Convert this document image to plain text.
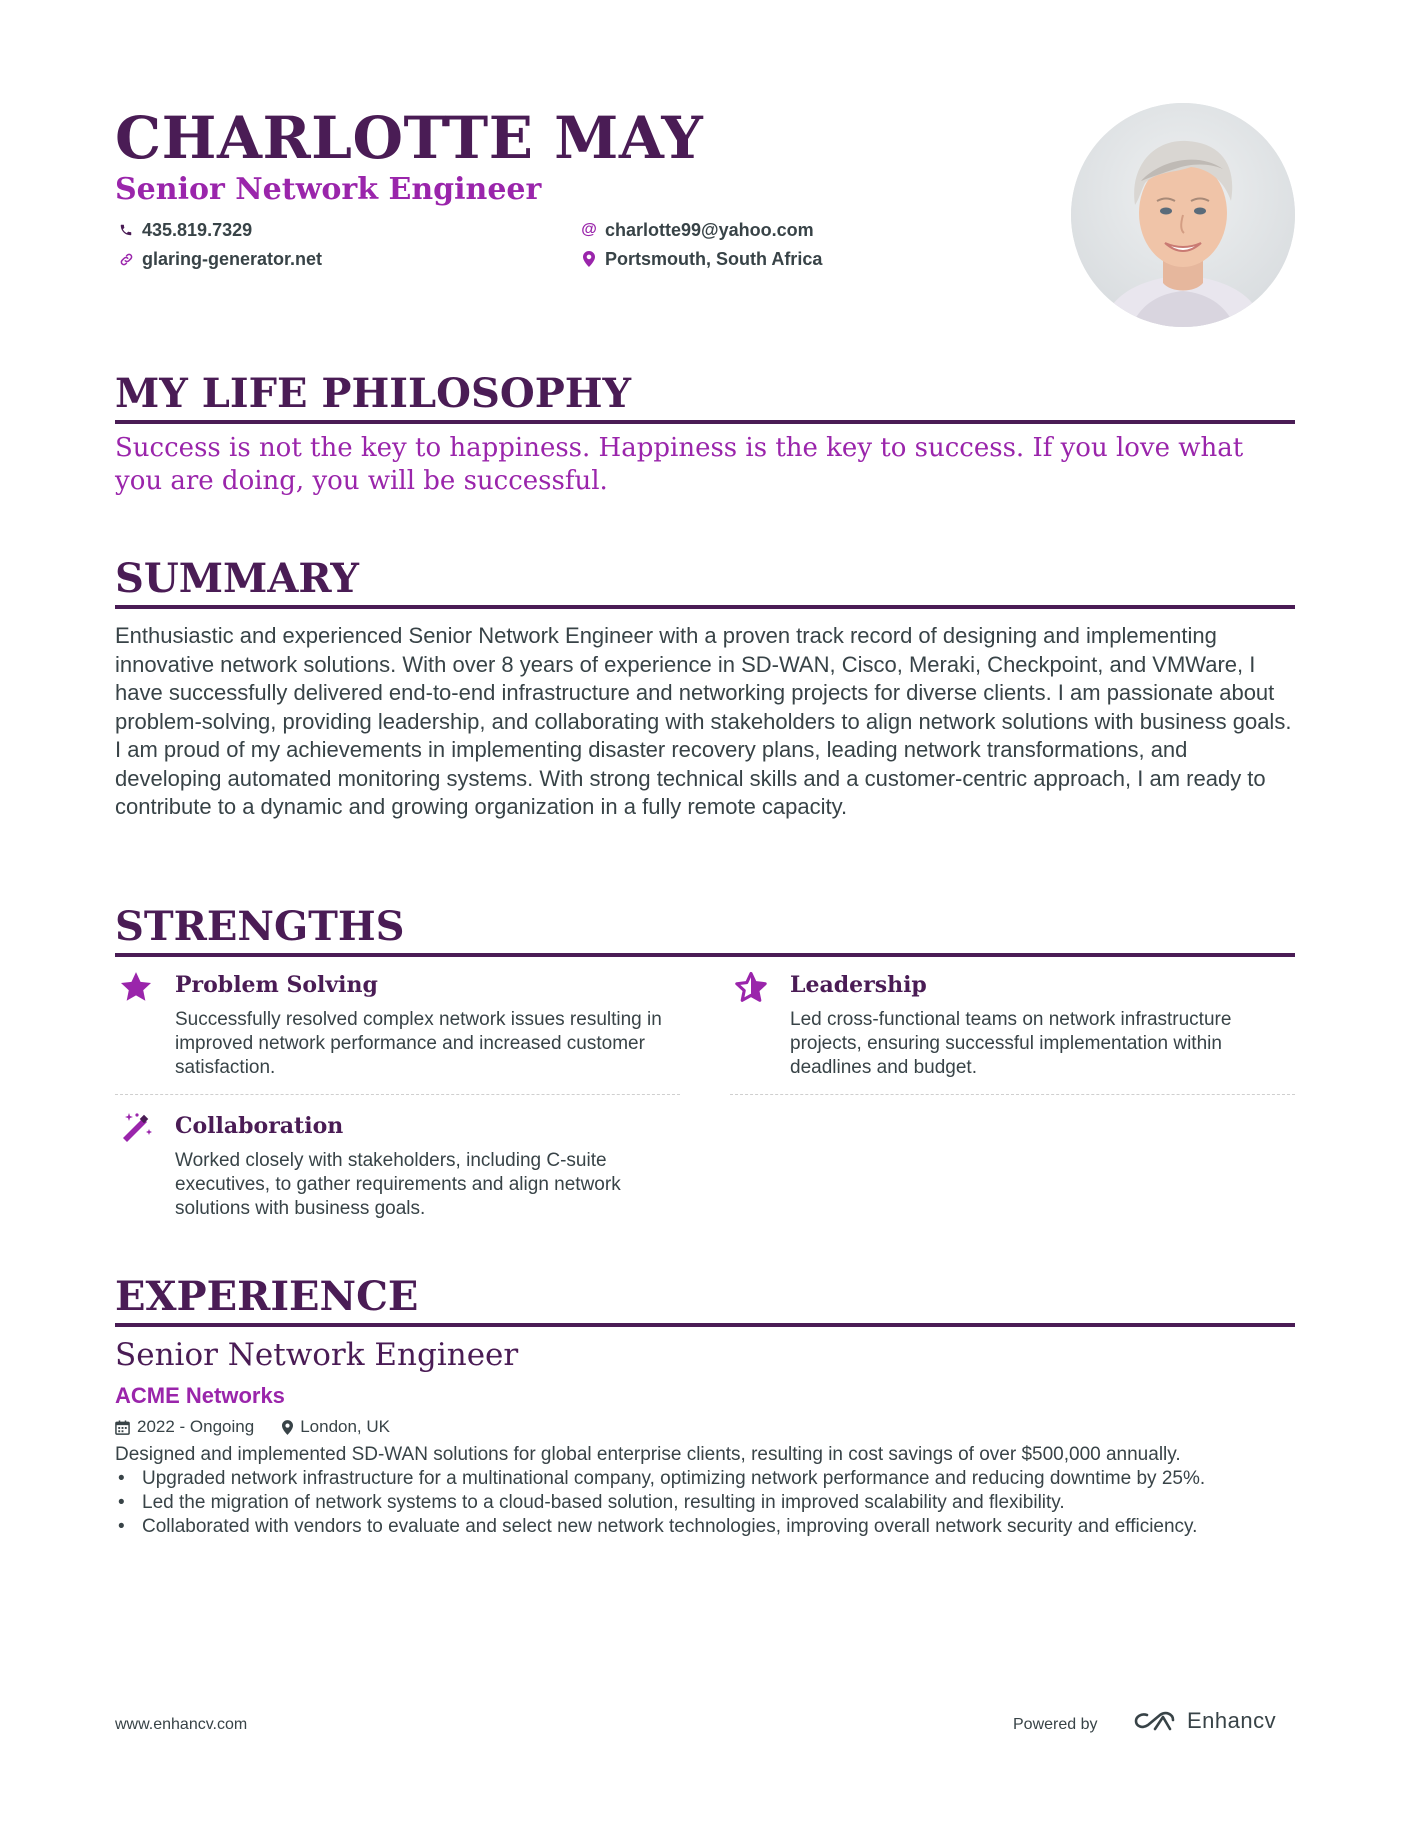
CHARLOTTE MAY
Senior Network Engineer
435.819.7329
glaring-generator.net
@ charlotte99@yahoo.com
Portsmouth, South Africa
MY LIFE PHILOSOPHY
Success is not the key to happiness. Happiness is the key to success. If you love what you are doing, you will be successful.
SUMMARY

Enthusiastic and experienced Senior Network Engineer with a proven track record of designing and implementing innovative network solutions. With over 8 years of experience in SD-WAN, Cisco, Meraki, Checkpoint, and VMWare, I have successfully delivered end-to-end infrastructure and networking projects for diverse clients. I am passionate about problem-solving, providing leadership, and collaborating with stakeholders to align network solutions with business goals. I am proud of my achievements in implementing disaster recovery plans, leading network transformations, and developing automated monitoring systems. With strong technical skills and a customer-centric approach, I am ready to contribute to a dynamic and growing organization in a fully remote capacity.

STRENGTHS
Problem Solving

Successfully resolved complex network issues resulting in improved network performance and increased customer satisfaction.

Leadership

Led cross-functional teams on network infrastructure projects, ensuring successful implementation within deadlines and budget.

Collaboration

Worked closely with stakeholders, including C-suite executives, to gather requirements and align network solutions with business goals.

EXPERIENCE
Senior Network Engineer
ACME Networks
2022 - Ongoing	London, UK

Designed and implemented SD-WAN solutions for global enterprise clients, resulting in cost savings of over $500,000 annually.

• Upgraded network infrastructure for a multinational company, optimizing network performance and reducing downtime by 25%.
• Led the migration of network systems to a cloud-based solution, resulting in improved scalability and flexibility.
• Collaborated with vendors to evaluate and select new network technologies, improving overall network security and efficiency.
www.enhancv.com	Powered by	Enhancv
